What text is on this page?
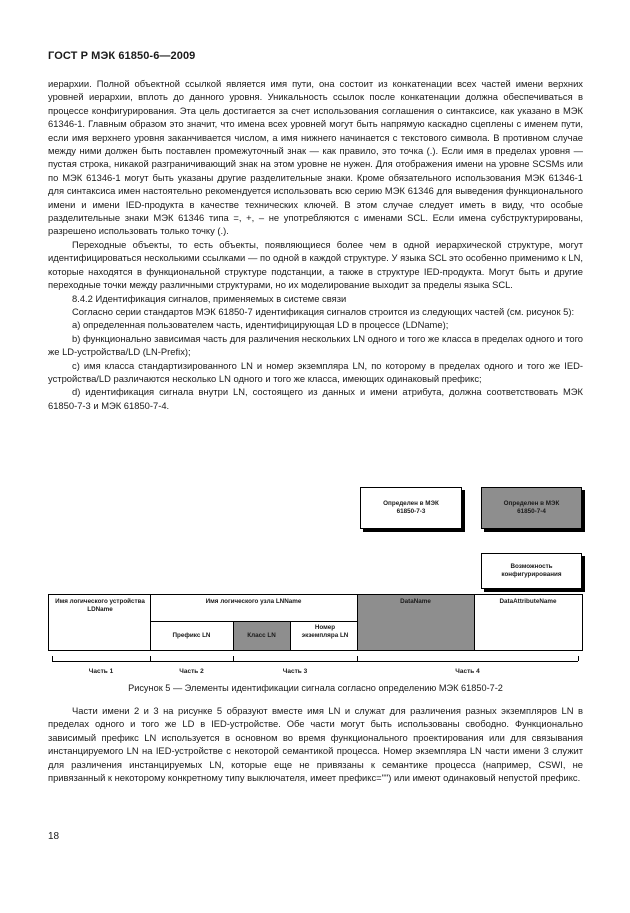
ГОСТ Р МЭК 61850-6—2009

иерархии. Полной объектной ссылкой является имя пути, она состоит из конкатенации всех частей имени верхних уровней иерархии, вплоть до данного уровня. Уникальность ссылок после конкатенации должна обеспечиваться в процессе конфигурирования. Эта цель достигается за счет использования соглашения о синтаксисе, как указано в МЭК 61346-1. Главным образом это значит, что имена всех уровней могут быть напрямую каскадно сцеплены с именем пути, если имя верхнего уровня заканчивается числом, а имя нижнего начинается с текстового символа. В противном случае между ними должен быть поставлен промежуточный знак — как правило, это точка (.). Если имя в пределах уровня — пустая строка, никакой разграничивающий знак на этом уровне не нужен. Для отображения имени на уровне SCSMs или по МЭК 61346-1 могут быть указаны другие разделительные знаки. Кроме обязательного использования МЭК 61346-1 для синтаксиса имен настоятельно рекомендуется использовать всю серию МЭК 61346 для выведения функционального имени и имени IED-продукта в качестве технических ключей. В этом случае следует иметь в виду, что особые разделительные знаки МЭК 61346 типа =, +, – не употребляются с именами SCL. Если имена субструктурированы, разрешено использовать только точку (.).

Переходные объекты, то есть объекты, появляющиеся более чем в одной иерархической структуре, могут идентифицироваться несколькими ссылками — по одной в каждой структуре. У языка SCL это особенно применимо к LN, которые находятся в функциональной структуре подстанции, а также в структуре IED-продукта. Могут быть и другие переходные точки между различными структурами, но их моделирование выходит за пределы языка SCL.

8.4.2 Идентификация сигналов, применяемых в системе связи

Согласно серии стандартов МЭК 61850-7 идентификация сигналов строится из следующих частей (см. рисунок 5):

а) определенная пользователем часть, идентифицирующая LD в процессе (LDName);

b) функционально зависимая часть для различения нескольких LN одного и того же класса в пределах одного и того же LD-устройства/LD (LN-Prefix);

с) имя класса стандартизированного LN и номер экземпляра LN, по которому в пределах одного и того же IED-устройства/LD различаются несколько LN одного и того же класса, имеющих одинаковый префикс;

d) идентификация сигнала внутри LN, состоящего из данных и имени атрибута, должна соответствовать МЭК 61850-7-3 и МЭК 61850-7-4.

Определен в МЭК 61850-7-3
Определен в МЭК 61850-7-4
Возможность конфигурирования
Имя логического устройства LDName
Имя логического узла LNName
Префикс LN	Класс LN
Номер экземпляра LN
DataName	DataAttributeName
Часть 1	Часть 2	Часть 3	Часть 4
Рисунок 5 — Элементы идентификации сигнала согласно определению МЭК 61850-7-2

Части имени 2 и 3 на рисунке 5 образуют вместе имя LN и служат для различения разных экземпляров LN в пределах одного и того же LD в IED-устройстве. Обе части могут быть использованы свободно. Функционально зависимый префикс LN используется в основном во время функционального проектирования или для связывания инстанцируемого LN на IED-устройстве с некоторой семантикой процесса. Номер экземпляра LN части имени 3 служит для различения инстанцируемых LN, которые еще не привязаны к семантике процесса (например, CSWI, не привязанный к некоторому конкретному типу выключателя, имеет префикс="") или имеют одинаковый непустой префикс.

18
